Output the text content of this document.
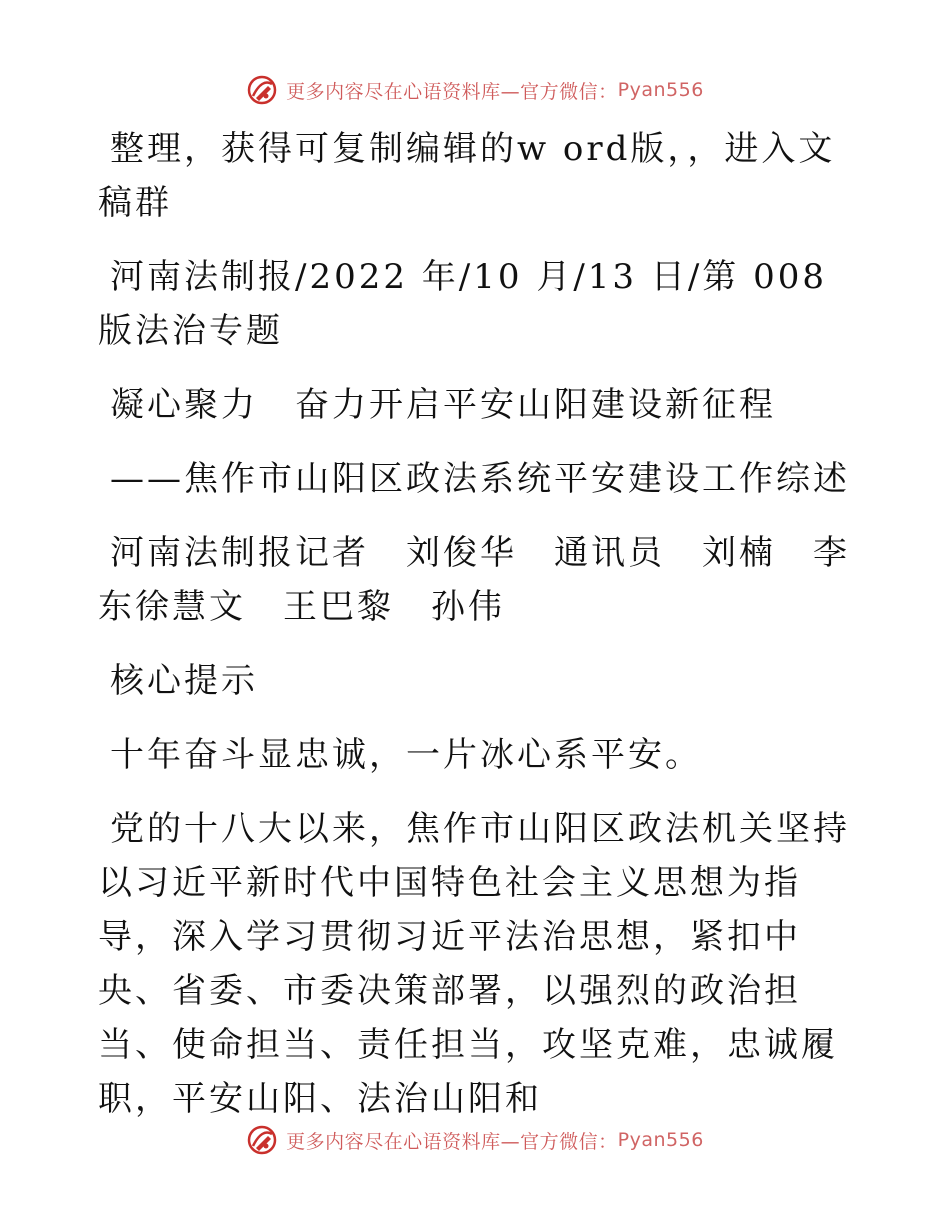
更多内容尽在心语资料库—官方微信： Pyan556

整理，获得可复制编辑的w ord版，，进入文稿群

河南法制报/2022 年/10 月/13 日/第 008 版法治专题

凝心聚力　奋力开启平安山阳建设新征程

——焦作市山阳区政法系统平安建设工作综述

河南法制报记者　刘俊华　通讯员　刘楠　李东徐慧文　王巴黎　孙伟

核心提示

十年奋斗显忠诚，一片冰心系平安。

党的十八大以来，焦作市山阳区政法机关坚持以习近平新时代中国特色社会主义思想为指导，深入学习贯彻习近平法治思想，紧扣中央、省委、市委决策部署，以强烈的政治担当、使命担当、责任担当，攻坚克难，忠诚履职，平安山阳、法治山阳和

更多内容尽在心语资料库—官方微信： Pyan556
